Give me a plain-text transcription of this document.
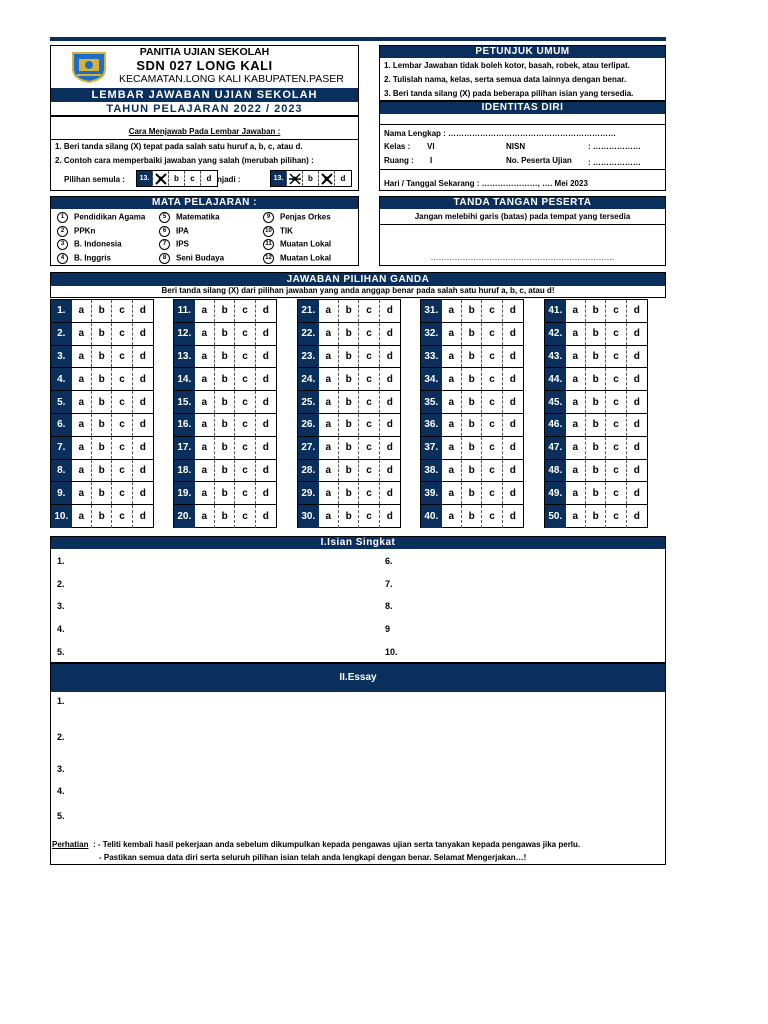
PANITIA UJIAN SEKOLAH
SDN 027 LONG KALI
KECAMATAN.LONG KALI KABUPATEN.PASER
LEMBAR JAWABAN UJIAN SEKOLAH
TAHUN PELAJARAN 2022 / 2023
Cara Menjawab Pada Lembar Jawaban :
1. Beri tanda silang (X) tepat pada salah satu huruf a, b, c, atau d.
2. Contoh cara memperbaiki jawaban yang salah (merubah pilihan) :
Pilihan semula :	13.	b	c	d njadi :	13.	b	d
PETUNJUK UMUM
1. Lembar Jawaban tidak boleh kotor, basah, robek, atau terlipat.
2. Tulislah nama, kelas, serta semua data lainnya dengan benar.
3. Beri tanda silang (X) pada beberapa pilihan isian yang tersedia.
IDENTITAS DIRI
Nama Lengkap : ………………………………………………………
Kelas : VI	NISN	: ………………
Ruang : I	No. Peserta Ujian : ………………
Hari / Tanggal Sekarang : …………………, …. Mei 2023
MATA PELAJARAN :
1 Pendidikan Agama
2 PPKn
3 B. Indonesia
4 B. Inggris
5 Matematika
6 IPA
7 IPS
8 Seni Budaya
9 Penjas Orkes
10 TIK
11 Muatan Lokal
12 Muatan Lokal
TANDA TANGAN PESERTA
Jangan melebihi garis (batas) pada tempat yang tersedia
……………………………………………………………
JAWABAN PILIHAN GANDA
Beri tanda silang (X) dari pilihan jawaban yang anda anggap benar pada salah satu huruf a, b, c, atau d!
1.	a	b	c	d
2.	a	b	c	d
3.	a	b	c	d
4.	a	b	c	d
5.	a	b	c	d
6.	a	b	c	d
7.	a	b	c	d
8.	a	b	c	d
9.	a	b	c	d
10.	a	b	c	d
11.	a	b	c	d
12.	a	b	c	d
13.	a	b	c	d
14.	a	b	c	d
15.	a	b	c	d
16.	a	b	c	d
17.	a	b	c	d
18.	a	b	c	d
19.	a	b	c	d
20.	a	b	c	d
21.	a	b	c	d
22.	a	b	c	d
23.	a	b	c	d
24.	a	b	c	d
25.	a	b	c	d
26.	a	b	c	d
27.	a	b	c	d
28.	a	b	c	d
29.	a	b	c	d
30.	a	b	c	d
31.	a	b	c	d
32.	a	b	c	d
33.	a	b	c	d
34.	a	b	c	d
35.	a	b	c	d
36.	a	b	c	d
37.	a	b	c	d
38.	a	b	c	d
39.	a	b	c	d
40.	a	b	c	d
41.	a	b	c	d
42.	a	b	c	d
43.	a	b	c	d
44.	a	b	c	d
45.	a	b	c	d
46.	a	b	c	d
47.	a	b	c	d
48.	a	b	c	d
49.	a	b	c	d
50.	a	b	c	d
I.Isian Singkat
1.
2.
3.
4.
5.
6.
7.
8.
9
10.
II.Essay
1.
2.
3.
4.
5.
Perhatian : - Teliti kembali hasil pekerjaan anda sebelum dikumpulkan kepada pengawas ujian serta tanyakan kepada pengawas jika perlu.
- Pastikan semua data diri serta seluruh pilihan isian telah anda lengkapi dengan benar. Selamat Mengerjakan…!
